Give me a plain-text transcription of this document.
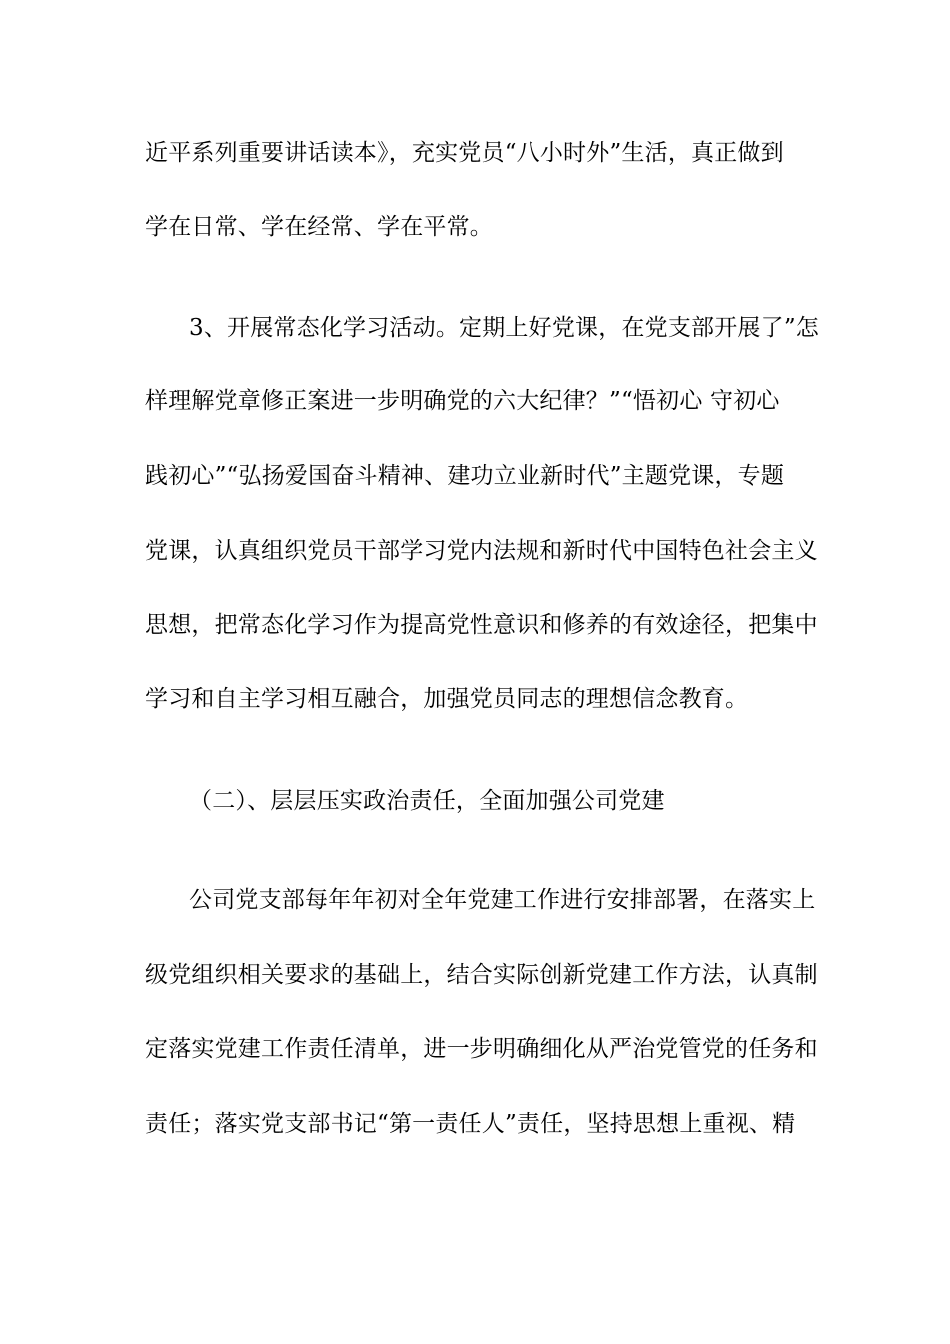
近平系列重要讲话读本》，充实党员“八小时外”生活，真正做到
学在日常、学在经常、学在平常。
3、开展常态化学习活动。定期上好党课，在党支部开展了”怎
样理解党章修正案进一步明确党的六大纪律？”“悟初心 守初心
践初心”“弘扬爱国奋斗精神、建功立业新时代”主题党课，专题
党课，认真组织党员干部学习党内法规和新时代中国特色社会主义
思想，把常态化学习作为提高党性意识和修养的有效途径，把集中
学习和自主学习相互融合，加强党员同志的理想信念教育。
（二）、层层压实政治责任，全面加强公司党建
公司党支部每年年初对全年党建工作进行安排部署，在落实上
级党组织相关要求的基础上，结合实际创新党建工作方法，认真制
定落实党建工作责任清单，进一步明确细化从严治党管党的任务和
责任；落实党支部书记“第一责任人”责任，坚持思想上重视、精
